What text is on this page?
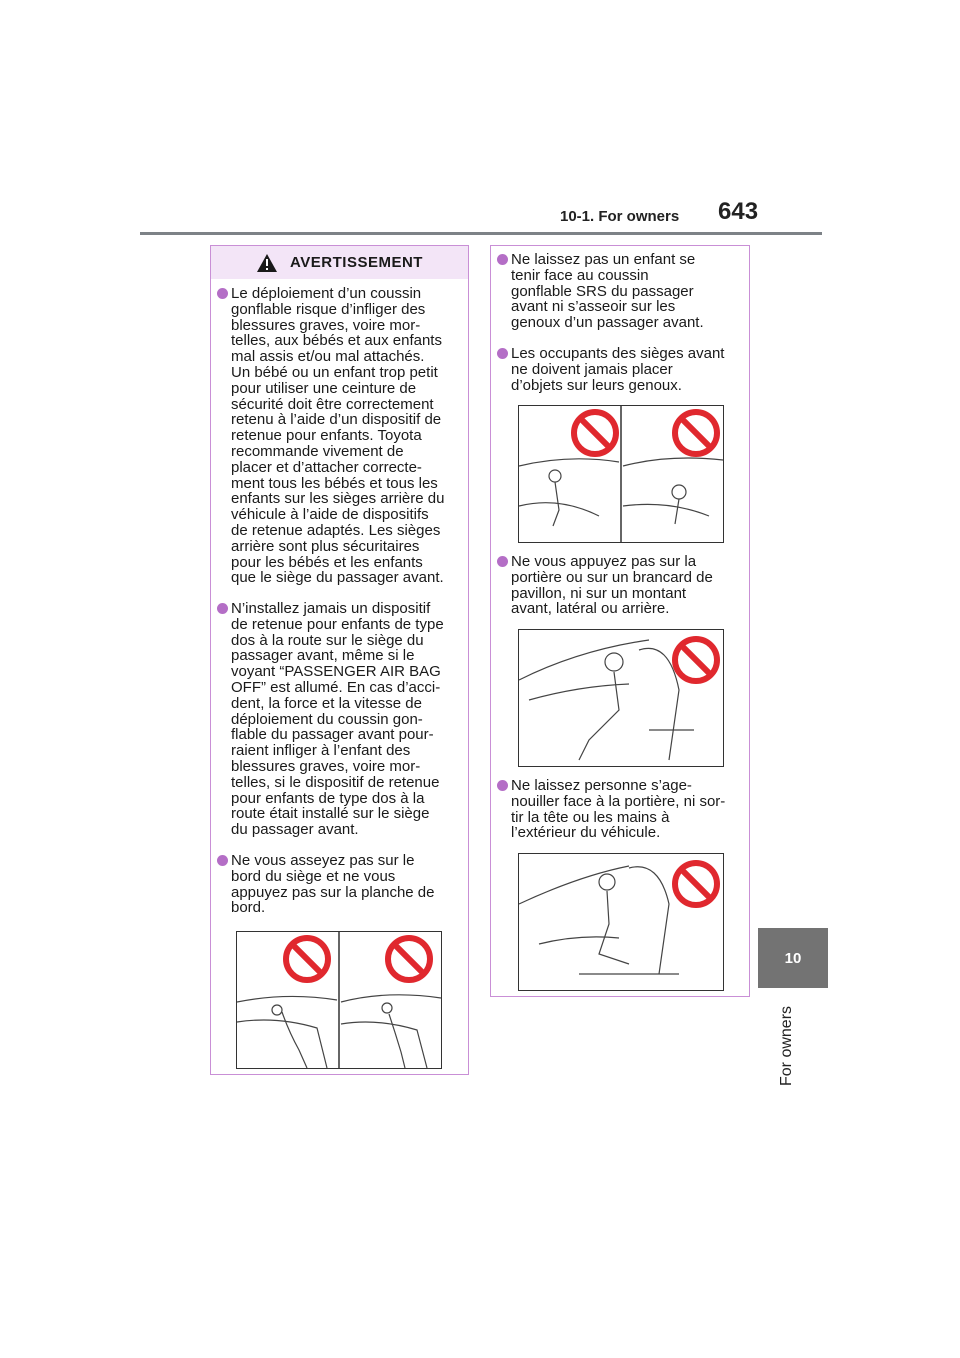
10-1. For owners 643
10
For owners
AVERTISSEMENT

Le déploiement d’un coussin
gonflable risque d’infliger des
blessures graves, voire mor-
telles, aux bébés et aux enfants
mal assis et/ou mal attachés.
Un bébé ou un enfant trop petit
pour utiliser une ceinture de
sécurité doit être correctement
retenu à l’aide d’un dispositif de
retenue pour enfants. Toyota
recommande vivement de
placer et d’attacher correcte-
ment tous les bébés et tous les
enfants sur les sièges arrière du
véhicule à l’aide de dispositifs
de retenue adaptés. Les sièges
arrière sont plus sécuritaires
pour les bébés et les enfants
que le siège du passager avant.

N’installez jamais un dispositif
de retenue pour enfants de type
dos à la route sur le siège du
passager avant, même si le
voyant “PASSENGER AIR BAG
OFF” est allumé. En cas d’acci-
dent, la force et la vitesse de
déploiement du coussin gon-
flable du passager avant pour-
raient infliger à l’enfant des
blessures graves, voire mor-
telles, si le dispositif de retenue
pour enfants de type dos à la
route était installé sur le siège
du passager avant.

Ne vous asseyez pas sur le
bord du siège et ne vous
appuyez pas sur la planche de
bord.

Ne laissez pas un enfant se
tenir face au coussin
gonflable SRS du passager
avant ni s’asseoir sur les
genoux d’un passager avant.

Les occupants des sièges avant
ne doivent jamais placer
d’objets sur leurs genoux.

Ne vous appuyez pas sur la
portière ou sur un brancard de
pavillon, ni sur un montant
avant, latéral ou arrière.

Ne laissez personne s’age-
nouiller face à la portière, ni sor-
tir la tête ou les mains à
l’extérieur du véhicule.
